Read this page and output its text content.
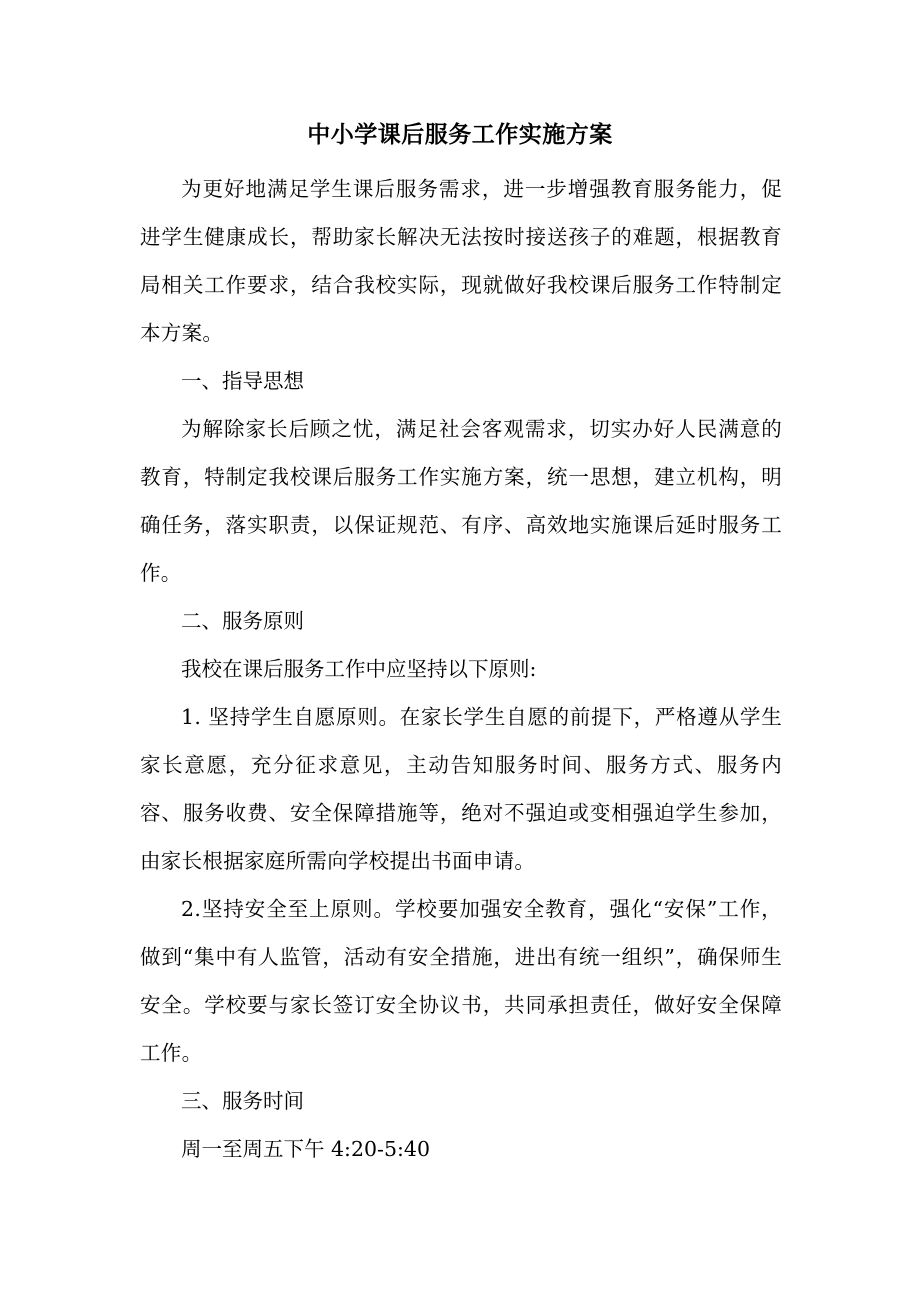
中小学课后服务工作实施方案

为更好地满足学生课后服务需求，进一步增强教育服务能力，促进学生健康成长，帮助家长解决无法按时接送孩子的难题，根据教育局相关工作要求，结合我校实际，现就做好我校课后服务工作特制定本方案。

一、指导思想

为解除家长后顾之忧，满足社会客观需求，切实办好人民满意的教育，特制定我校课后服务工作实施方案，统一思想，建立机构，明确任务，落实职责，以保证规范、有序、高效地实施课后延时服务工作。

二、服务原则

我校在课后服务工作中应坚持以下原则:

1. 坚持学生自愿原则。在家长学生自愿的前提下，严格遵从学生家长意愿，充分征求意见，主动告知服务时间、服务方式、服务内容、服务收费、安全保障措施等，绝对不强迫或变相强迫学生参加，由家长根据家庭所需向学校提出书面申请。

2.坚持安全至上原则。学校要加强安全教育，强化“安保”工作，做到“集中有人监管，活动有安全措施，进出有统一组织”，确保师生安全。学校要与家长签订安全协议书，共同承担责任，做好安全保障工作。

三、服务时间

周一至周五下午 4:20-5:40
